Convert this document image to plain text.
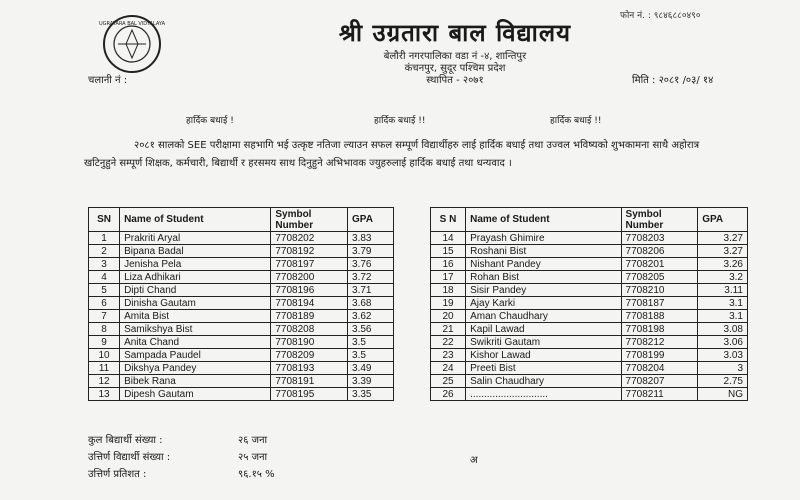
UGRATARA BAL VIDYALAYA
फोन नं. : ९८४६८८०४९०
श्री उग्रतारा बाल विद्यालय
बेलौरी नगरपालिका वडा नं -४, शान्तिपुर
कंचनपुर, सुदूर पश्चिम प्रदेश
स्थापित - २०७१
चलानी नं :	मिति : २०८१ /०३/ १४
हार्दिक बधाई !	हार्दिक बधाई !!	हार्दिक बधाई !!

२०८१ सालको SEE परीक्षामा सहभागि भई उत्कृष्ट नतिजा ल्याउन सफल सम्पूर्ण विद्यार्थीहरु लाई हार्दिक बधाई तथा उज्वल भविष्यको शुभकामना साथै अहोरात्र खटिनुहुने सम्पूर्ण शिक्षक, कर्मचारी, बिद्यार्थी र हरसमय साथ दिनुहुने अभिभावक ज्युहरुलाई हार्दिक बधाई तथा धन्यवाद ।

SN	Name of Student	Symbol Number	GPA		S N	Name of Student	Symbol Number	GPA
1	Prakriti Aryal	7708202	3.83		14	Prayash Ghimire	7708203	3.27
2	Bipana Badal	7708192	3.79		15	Roshani Bist	7708206	3.27
3	Jenisha Pela	7708197	3.76		16	Nishant Pandey	7708201	3.26
4	Liza Adhikari	7708200	3.72		17	Rohan Bist	7708205	3.2
5	Dipti Chand	7708196	3.71		18	Sisir Pandey	7708210	3.11
6	Dinisha Gautam	7708194	3.68		19	Ajay Karki	7708187	3.1
7	Amita Bist	7708189	3.62		20	Aman Chaudhary	7708188	3.1
8	Samikshya Bist	7708208	3.56		21	Kapil Lawad	7708198	3.08
9	Anita Chand	7708190	3.5		22	Swikriti Gautam	7708212	3.06
10	Sampada Paudel	7708209	3.5		23	Kishor Lawad	7708199	3.03
11	Dikshya Pandey	7708193	3.49		24	Preeti Bist	7708204	3
12	Bibek Rana	7708191	3.39		25	Salin Chaudhary	7708207	2.75
13	Dipesh Gautam	7708195	3.35		26	............................	7708211	NG
कुल बिद्यार्थी संख्या :	२६ जना
उत्तिर्ण विद्यार्थी संख्या :	२५ जना
उत्तिर्ण प्रतिशत :	९६.१५ %
अ
